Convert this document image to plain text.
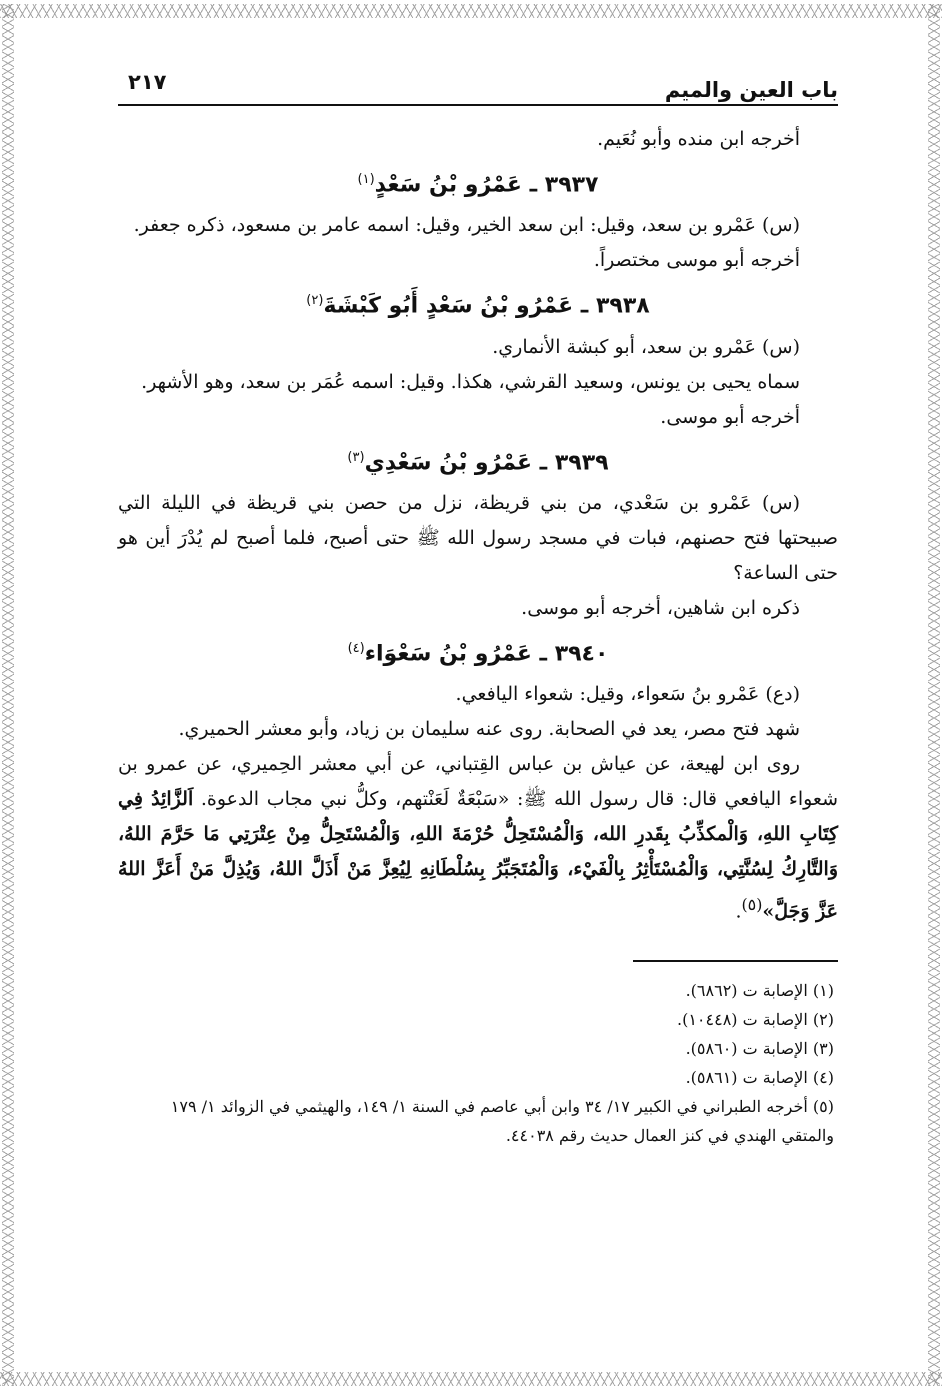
باب العين والميم
٢١٧

أخرجه ابن منده وأبو نُعَيم.

٣٩٣٧ ـ عَمْرُو بْنُ سَعْدٍ$^{(١)}$

(س) عَمْرو بن سعد، وقيل: ابن سعد الخير، وقيل: اسمه عامر بن مسعود، ذكره جعفر.

أخرجه أبو موسى مختصراً.

٣٩٣٨ ـ عَمْرُو بْنُ سَعْدٍ أَبُو كَبْشَةَ$^{(٢)}$

(س) عَمْرو بن سعد، أبو كبشة الأنماري.

سماه يحيى بن يونس، وسعيد القرشي، هكذا. وقيل: اسمه عُمَر بن سعد، وهو الأشهر.

أخرجه أبو موسى.

٣٩٣٩ ـ عَمْرُو بْنُ سَعْدِي$^{(٣)}$

(س) عَمْرو بن سَعْدي، من بني قريظة، نزل من حصن بني قريظة في الليلة التي صبيحتها فتح حصنهم، فبات في مسجد رسول الله ﷺ حتى أصبح، فلما أصبح لم يُدْرَ أين هو حتى الساعة؟

ذكره ابن شاهين، أخرجه أبو موسى.

٣٩٤٠ ـ عَمْرُو بْنُ سَعْوَاء$^{(٤)}$

(دع) عَمْرو بنُ سَعواء، وقيل: شعواء اليافعي.

شهد فتح مصر، يعد في الصحابة. روى عنه سليمان بن زياد، وأبو معشر الحميري.

روى ابن لهيعة، عن عياش بن عباس القِتباني، عن أبي معشر الحِميري، عن عمرو بن شعواء اليافعي قال: قال رسول الله ﷺ: «سَبْعَةٌ لَعَنْتهم، وكلُّ نبي مجاب الدعوة. اَلزَّائِدُ فِي كِتَابِ اللهِ، وَالْمكذِّبُ بِقَدرِ الله، وَالْمُسْتَحِلُّ حُرْمَةَ اللهِ، وَالْمُسْتَحِلُّ مِنْ عِتْرَتِي مَا حَرَّمَ اللهُ، وَالتَّارِكُ لِسُنَّتِي، وَالْمُسْتَأْثِرُ بِالْفَيْء، وَالْمُتَجَبِّرُ بِسُلْطَانِهِ لِيُعِزَّ مَنْ أَذَلَّ اللهُ، وَيُذِلَّ مَنْ أَعَزَّ اللهُ عَزَّ وَجَلَّ»$^{(٥)}$.

(١) الإصابة ت (٦٨٦٢).

(٢) الإصابة ت (١٠٤٤٨).

(٣) الإصابة ت (٥٨٦٠).

(٤) الإصابة ت (٥٨٦١).

(٥) أخرجه الطبراني في الكبير ١٧/ ٣٤ وابن أبي عاصم في السنة ١/ ١٤٩، والهيثمي في الزوائد ١/ ١٧٩ والمتقي الهندي في كنز العمال حديث رقم ٤٤٠٣٨.
